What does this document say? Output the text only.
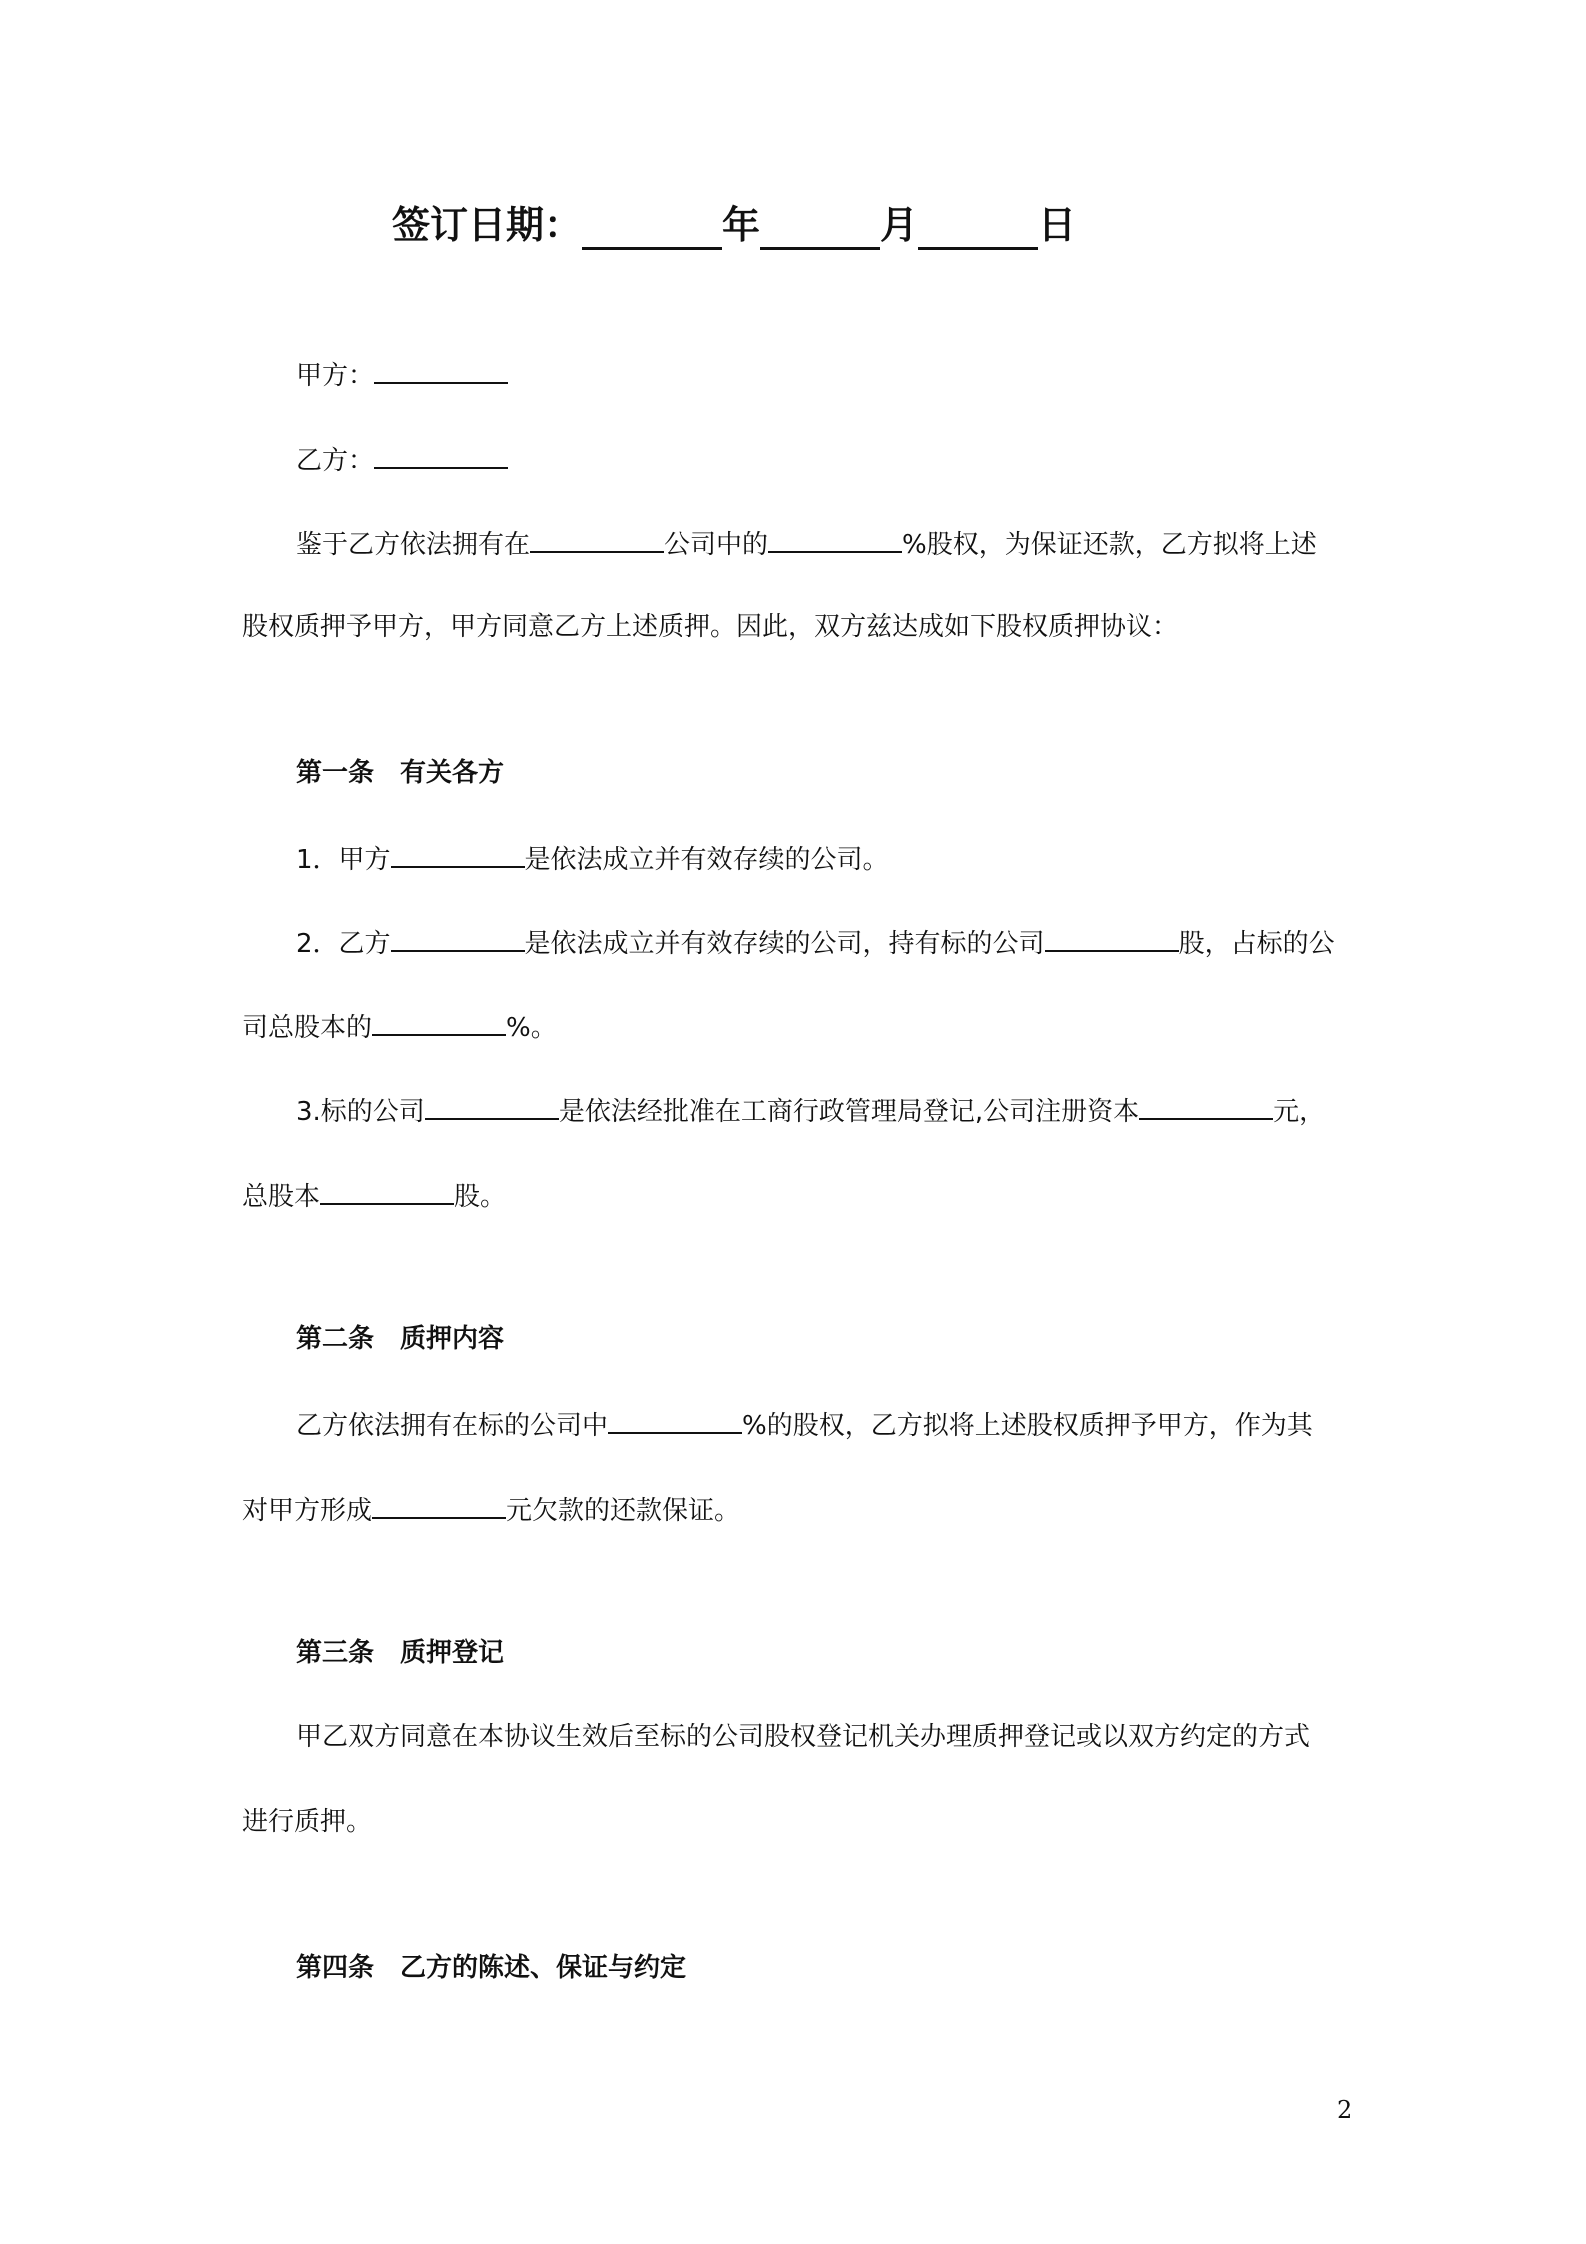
签订日期：	年	月	日
甲方：
乙方：
鉴于乙方依法拥有在	公司中的	%股权，为保证还款，乙方拟将上述
股权质押予甲方，甲方同意乙方上述质押。因此，双方兹达成如下股权质押协议：
第一条　有关各方
1．甲方	是依法成立并有效存续的公司。
2．乙方	是依法成立并有效存续的公司，持有标的公司	股，占标的公
司总股本的	%。
3.标的公司	是依法经批准在工商行政管理局登记,公司注册资本	元，
总股本	股。
第二条　质押内容
乙方依法拥有在标的公司中	%的股权，乙方拟将上述股权质押予甲方，作为其
对甲方形成	元欠款的还款保证。
第三条　质押登记
甲乙双方同意在本协议生效后至标的公司股权登记机关办理质押登记或以双方约定的方式
进行质押。
第四条　乙方的陈述、保证与约定
2
